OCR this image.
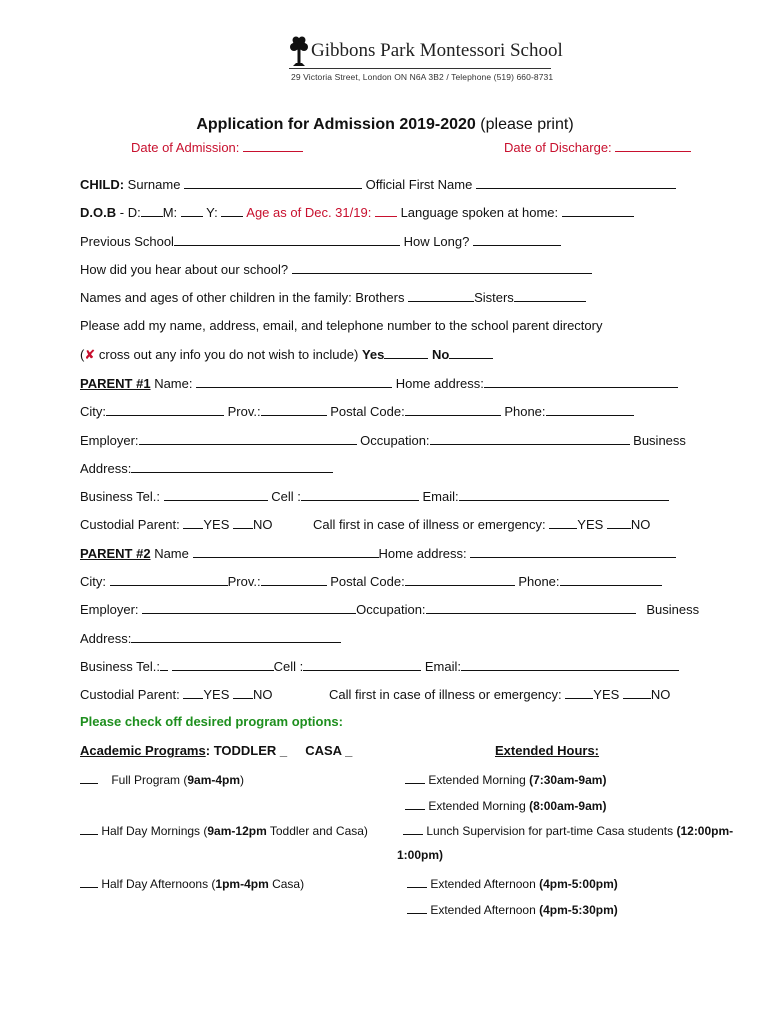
Gibbons Park Montessori School
29 Victoria Street, London ON N6A 3B2 / Telephone (519) 660-8731
Application for Admission 2019-2020 (please print)
Date of Admission:	Date of Discharge:
CHILD: Surname	Official First Name
D.O.B - D: M: Y: Age as of Dec. 31/19: Language spoken at home:
Previous School	How Long?
How did you hear about our school?
Names and ages of other children in the family: Brothers	Sisters
Please add my name, address, email, and telephone number to the school parent directory
(✘ cross out any info you do not wish to include) Yes	No
PARENT #1 Name:	Home address:
City:	Prov.:	Postal Code:	Phone:
Employer:	Occupation:	Business
Address:
Business Tel.:	Cell :	Email:
Custodial Parent: YES NO	Call first in case of illness or emergency: YES NO
PARENT #2 Name	Home address:
City:	Prov.:	Postal Code:	Phone:
Employer:	Occupation:	Business
Address:
Business Tel.:	Cell :	Email:
Custodial Parent: YES NO	Call first in case of illness or emergency: YES NO
Please check off desired program options:
Academic Programs: TODDLER _ CASA _	Extended Hours:
Full Program (9am-4pm)	Extended Morning (7:30am-9am)
Extended Morning (8:00am-9am)
Half Day Mornings (9am-12pm Toddler and Casa)	Lunch Supervision for part-time Casa students (12:00pm-
1:00pm)
Half Day Afternoons (1pm-4pm Casa)	Extended Afternoon (4pm-5:00pm)
Extended Afternoon (4pm-5:30pm)
